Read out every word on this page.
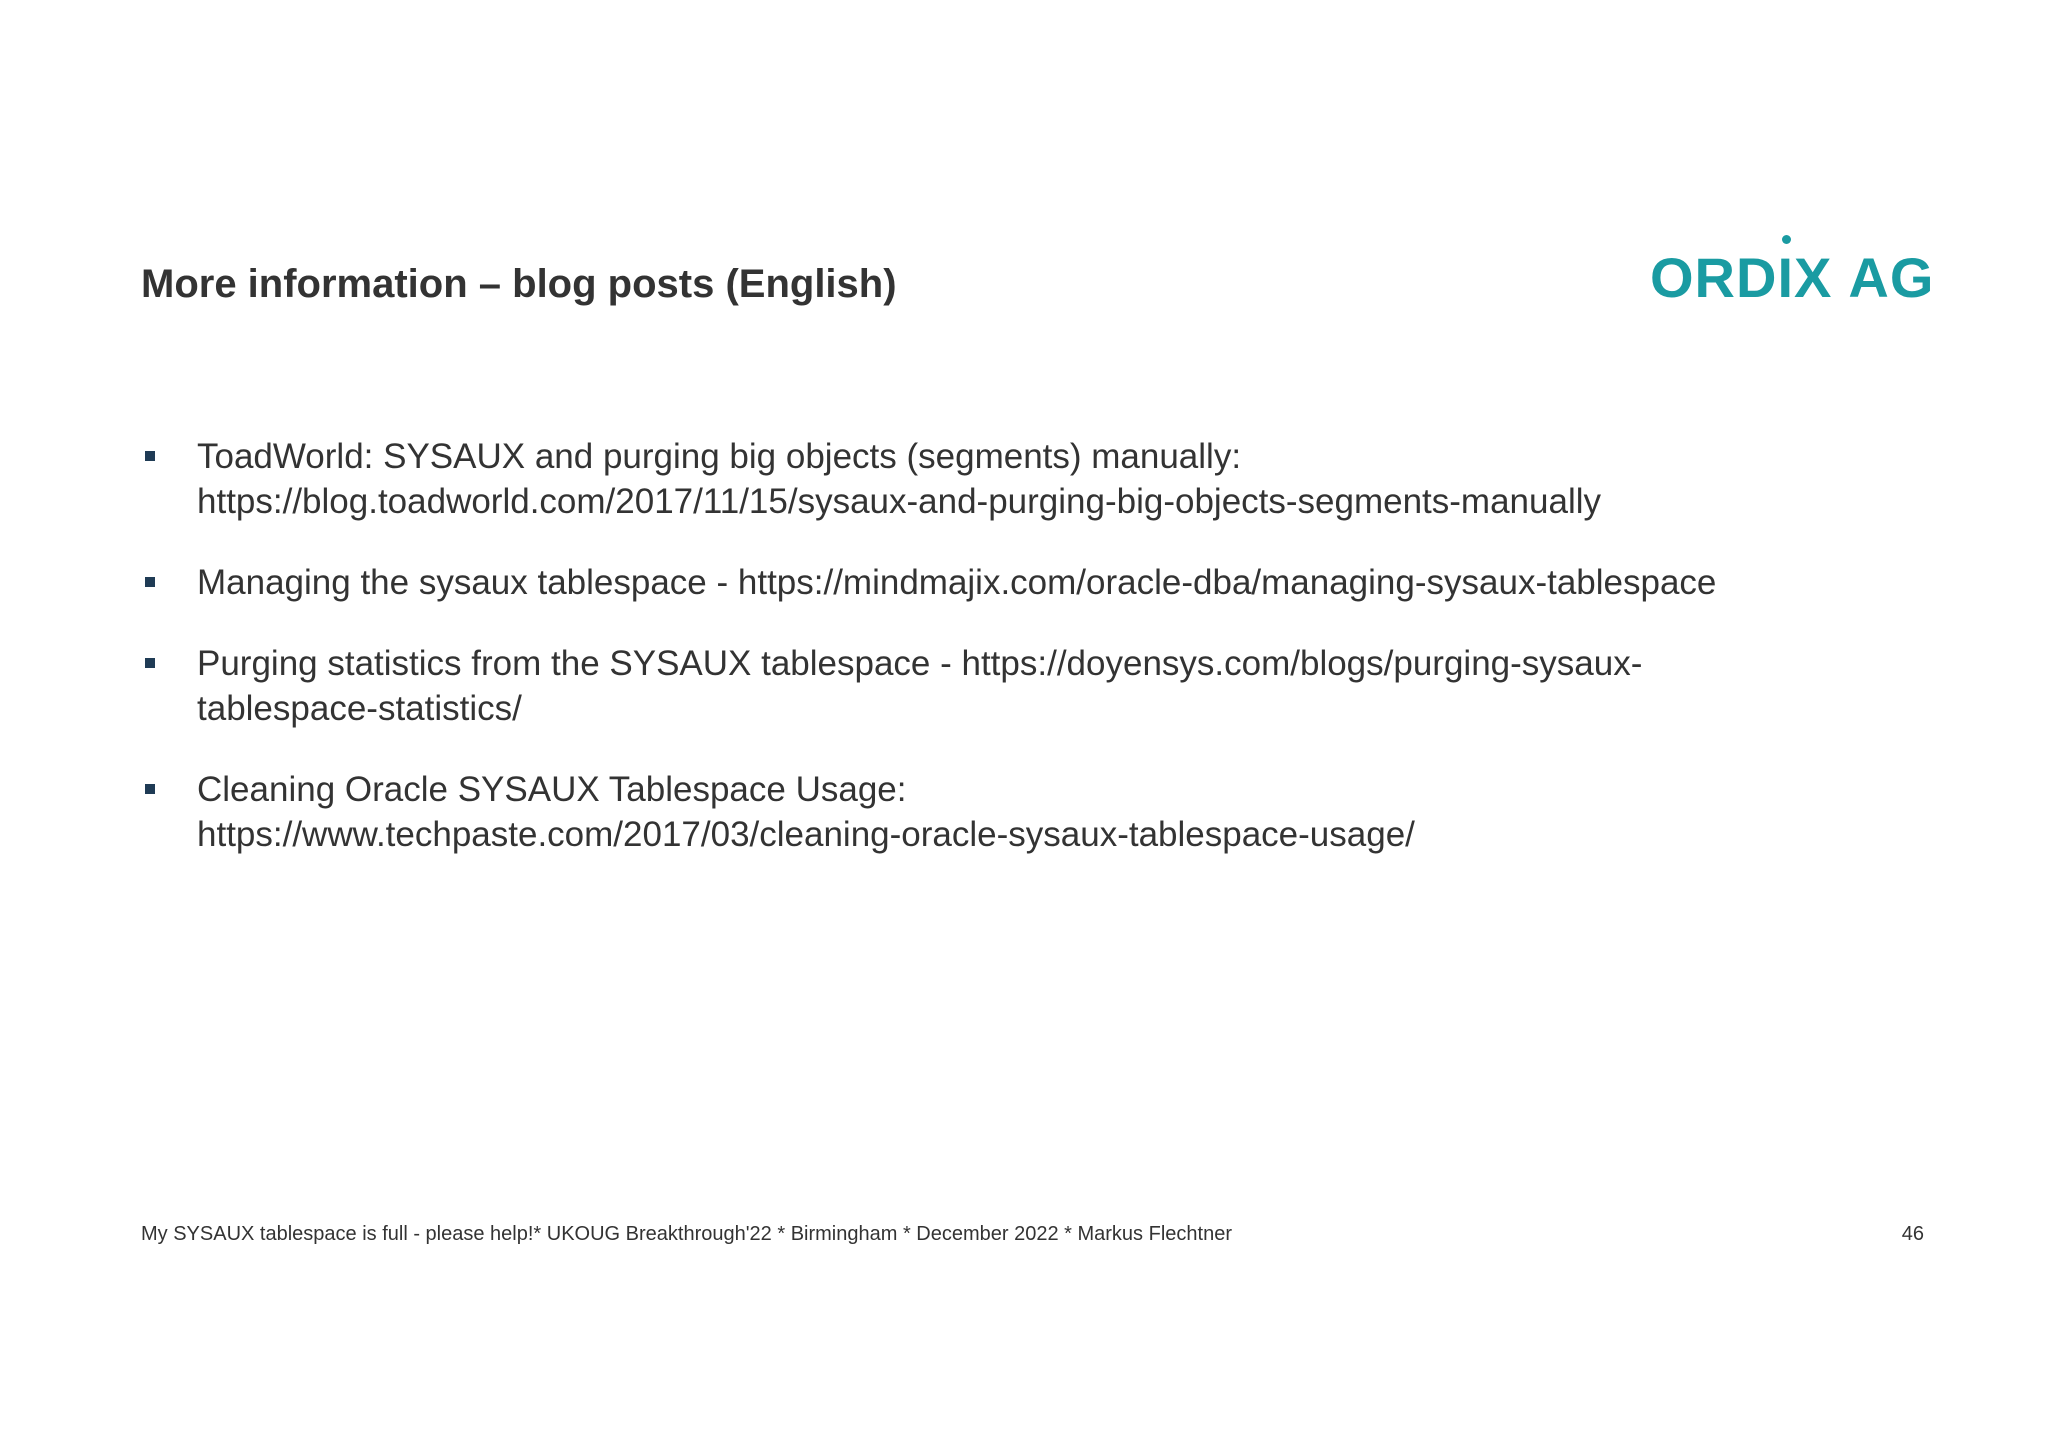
More information – blog posts (English)	ORD I X AG
ToadWorld: SYSAUX and purging big objects (segments) manually:
https://blog.toadworld.com/2017/11/15/sysaux-and-purging-big-objects-segments-manually
Managing the sysaux tablespace - https://mindmajix.com/oracle-dba/managing-sysaux-tablespace
Purging statistics from the SYSAUX tablespace - https://doyensys.com/blogs/purging-sysaux-
tablespace-statistics/
Cleaning Oracle SYSAUX Tablespace Usage:
https://www.techpaste.com/2017/03/cleaning-oracle-sysaux-tablespace-usage/
My SYSAUX tablespace is full - please help!* UKOUG Breakthrough'22 * Birmingham * December 2022 * Markus Flechtner	46
